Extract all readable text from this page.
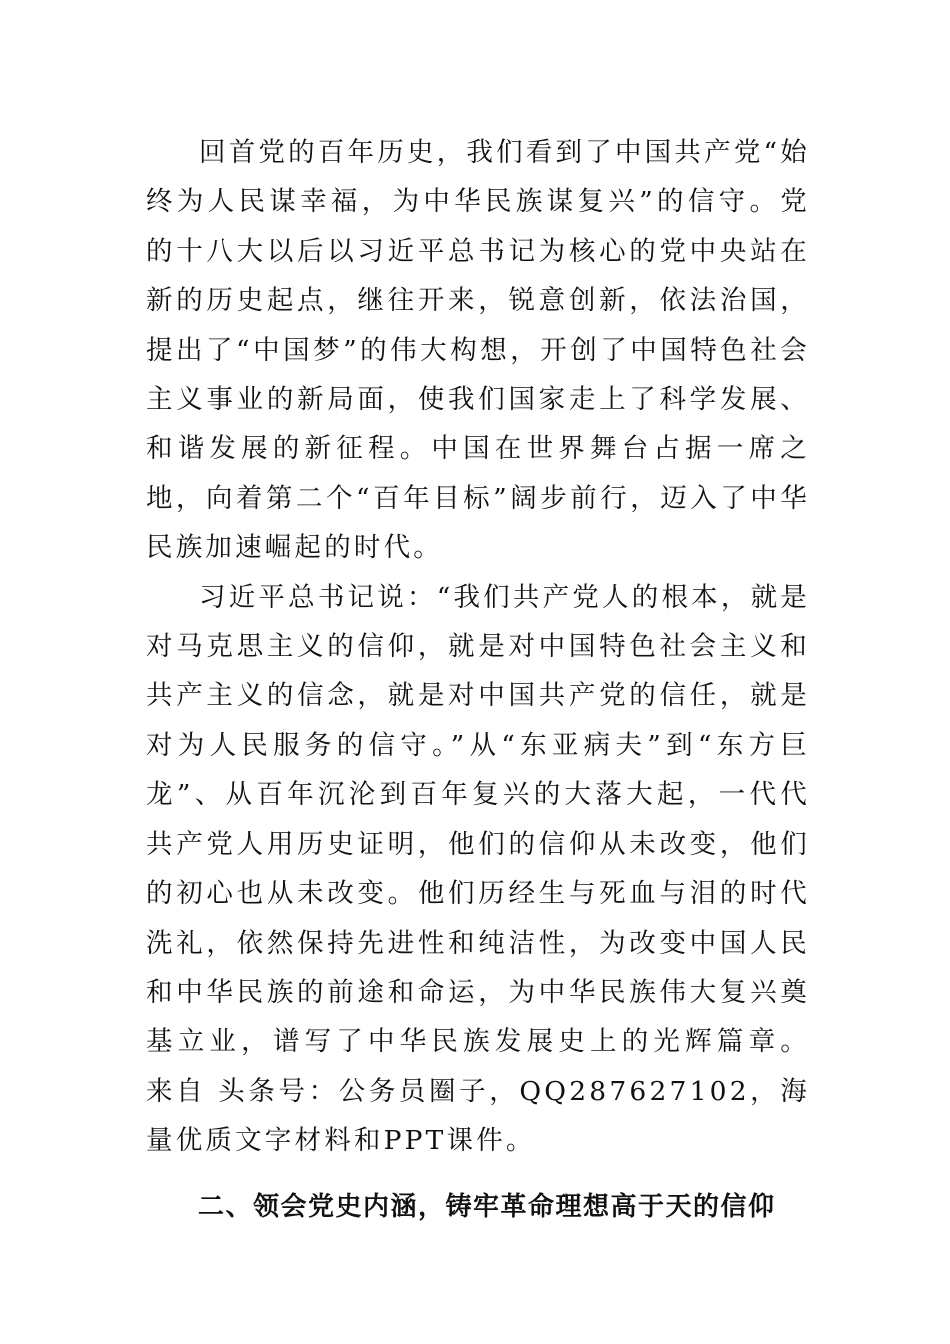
回首党的百年历史，我们看到了中国共产党“始终为人民谋幸福，为中华民族谋复兴”的信守。党的十八大以后以习近平总书记为核心的党中央站在新的历史起点，继往开来，锐意创新，依法治国，提出了“中国梦”的伟大构想，开创了中国特色社会主义事业的新局面，使我们国家走上了科学发展、和谐发展的新征程。中国在世界舞台占据一席之地，向着第二个“百年目标”阔步前行，迈入了中华民族加速崛起的时代。

习近平总书记说：“我们共产党人的根本，就是对马克思主义的信仰，就是对中国特色社会主义和共产主义的信念，就是对中国共产党的信任，就是对为人民服务的信守。”从“东亚病夫”到“东方巨龙”、从百年沉沦到百年复兴的大落大起，一代代共产党人用历史证明，他们的信仰从未改变，他们的初心也从未改变。他们历经生与死血与泪的时代洗礼，依然保持先进性和纯洁性，为改变中国人民和中华民族的前途和命运，为中华民族伟大复兴奠基立业，谱写了中华民族发展史上的光辉篇章。 来自 头条号：公务员圈子，QQ287627102，海量优质文字材料和PPT课件。

二、领会党史内涵，铸牢革命理想高于天的信仰
